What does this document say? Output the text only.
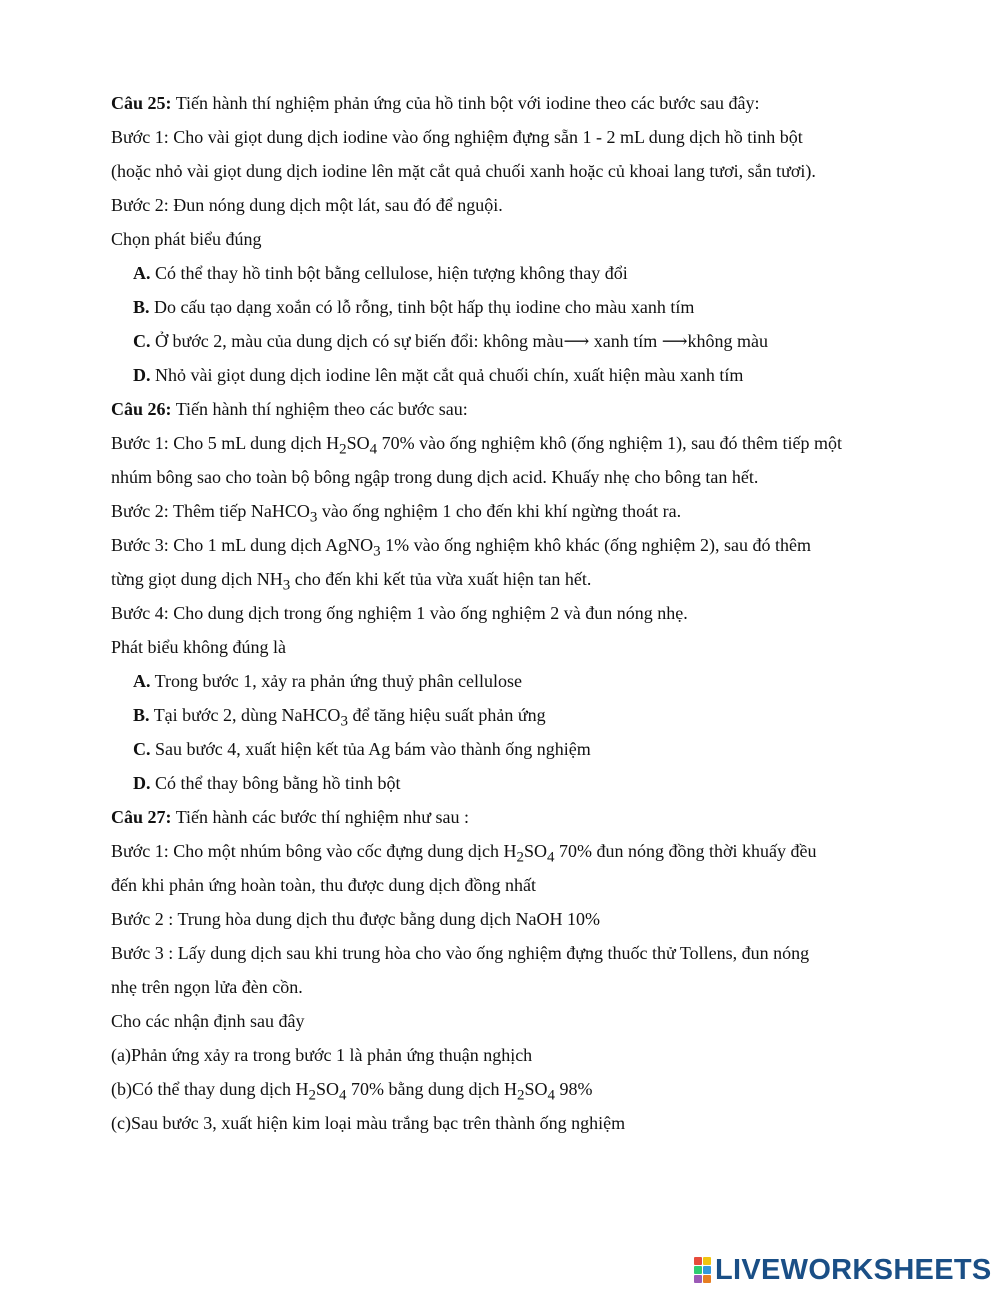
Câu 25: Tiến hành thí nghiệm phản ứng của hồ tinh bột với iodine theo các bước sau đây:
Bước 1: Cho vài giọt dung dịch iodine vào ống nghiệm đựng sẵn 1 - 2 mL dung dịch hồ tinh bột
(hoặc nhỏ vài giọt dung dịch iodine lên mặt cắt quả chuối xanh hoặc củ khoai lang tươi, sắn tươi).
Bước 2: Đun nóng dung dịch một lát, sau đó để nguội.
Chọn phát biểu đúng
A. Có thể thay hồ tinh bột bằng cellulose, hiện tượng không thay đổi
B. Do cấu tạo dạng xoắn có lỗ rỗng, tinh bột hấp thụ iodine cho màu xanh tím
C. Ở bước 2, màu của dung dịch có sự biến đổi: không màu⟶ xanh tím ⟶không màu
D. Nhỏ vài giọt dung dịch iodine lên mặt cắt quả chuối chín, xuất hiện màu xanh tím
Câu 26: Tiến hành thí nghiệm theo các bước sau:
Bước 1: Cho 5 mL dung dịch $H_2SO_4$ 70% vào ống nghiệm khô (ống nghiệm 1), sau đó thêm tiếp một
nhúm bông sao cho toàn bộ bông ngập trong dung dịch acid. Khuấy nhẹ cho bông tan hết.
Bước 2: Thêm tiếp NaHCO$_3$ vào ống nghiệm 1 cho đến khi khí ngừng thoát ra.
Bước 3: Cho 1 mL dung dịch AgNO$_3$ 1% vào ống nghiệm khô khác (ống nghiệm 2), sau đó thêm
từng giọt dung dịch $NH_3$ cho đến khi kết tủa vừa xuất hiện tan hết.
Bước 4: Cho dung dịch trong ống nghiệm 1 vào ống nghiệm 2 và đun nóng nhẹ.
Phát biểu không đúng là
A. Trong bước 1, xảy ra phản ứng thuỷ phân cellulose
B. Tại bước 2, dùng NaHCO$_3$ để tăng hiệu suất phản ứng
C. Sau bước 4, xuất hiện kết tủa Ag bám vào thành ống nghiệm
D. Có thể thay bông bằng hồ tinh bột
Câu 27: Tiến hành các bước thí nghiệm như sau :
Bước 1: Cho một nhúm bông vào cốc đựng dung dịch $H_2SO_4$ 70% đun nóng đồng thời khuấy đều
đến khi phản ứng hoàn toàn, thu được dung dịch đồng nhất
Bước 2 : Trung hòa dung dịch thu được bằng dung dịch NaOH 10%
Bước 3 : Lấy dung dịch sau khi trung hòa cho vào ống nghiệm đựng thuốc thử Tollens, đun nóng
nhẹ trên ngọn lửa đèn cồn.
Cho các nhận định sau đây
(a)Phản ứng xảy ra trong bước 1 là phản ứng thuận nghịch
(b)Có thể thay dung dịch $H_2SO_4$ 70% bằng dung dịch $H_2SO_4$ 98%
(c)Sau bước 3, xuất hiện kim loại màu trắng bạc trên thành ống nghiệm
LIVEWORKSHEETS
